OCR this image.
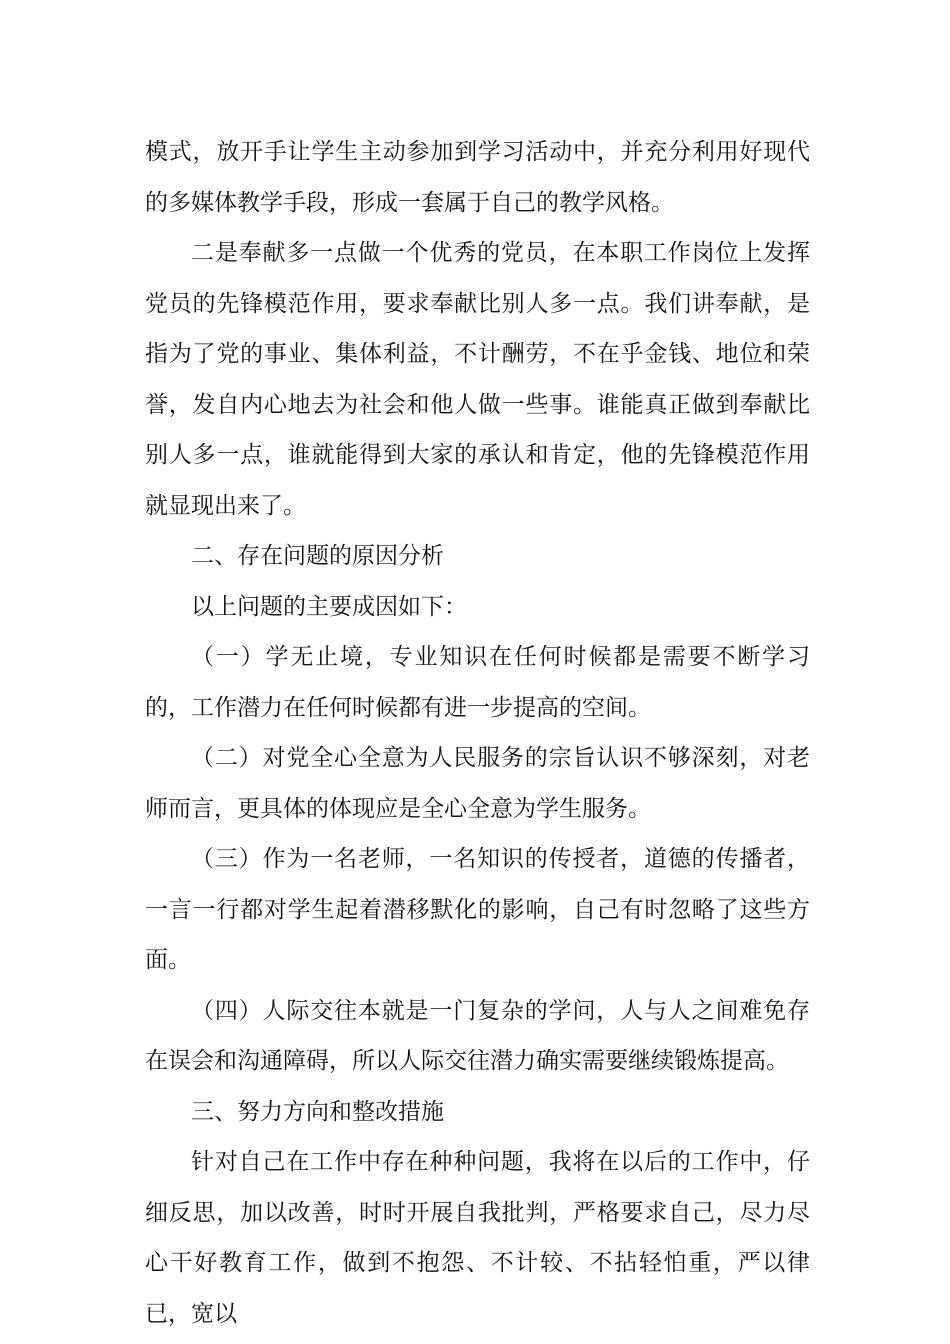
模式，放开手让学生主动参加到学习活动中，并充分利用好现代的多媒体教学手段，形成一套属于自己的教学风格。

二是奉献多一点做一个优秀的党员，在本职工作岗位上发挥党员的先锋模范作用，要求奉献比别人多一点。我们讲奉献，是指为了党的事业、集体利益，不计酬劳，不在乎金钱、地位和荣誉，发自内心地去为社会和他人做一些事。谁能真正做到奉献比别人多一点，谁就能得到大家的承认和肯定，他的先锋模范作用就显现出来了。

二、存在问题的原因分析

以上问题的主要成因如下：

（一）学无止境，专业知识在任何时候都是需要不断学习的，工作潜力在任何时候都有进一步提高的空间。

（二）对党全心全意为人民服务的宗旨认识不够深刻，对老师而言，更具体的体现应是全心全意为学生服务。

（三）作为一名老师，一名知识的传授者，道德的传播者，一言一行都对学生起着潜移默化的影响，自己有时忽略了这些方面。

（四）人际交往本就是一门复杂的学问，人与人之间难免存在误会和沟通障碍，所以人际交往潜力确实需要继续锻炼提高。

三、努力方向和整改措施

针对自己在工作中存在种种问题，我将在以后的工作中，仔细反思，加以改善，时时开展自我批判，严格要求自己，尽力尽心干好教育工作，做到不抱怨、不计较、不拈轻怕重，严以律已，宽以
